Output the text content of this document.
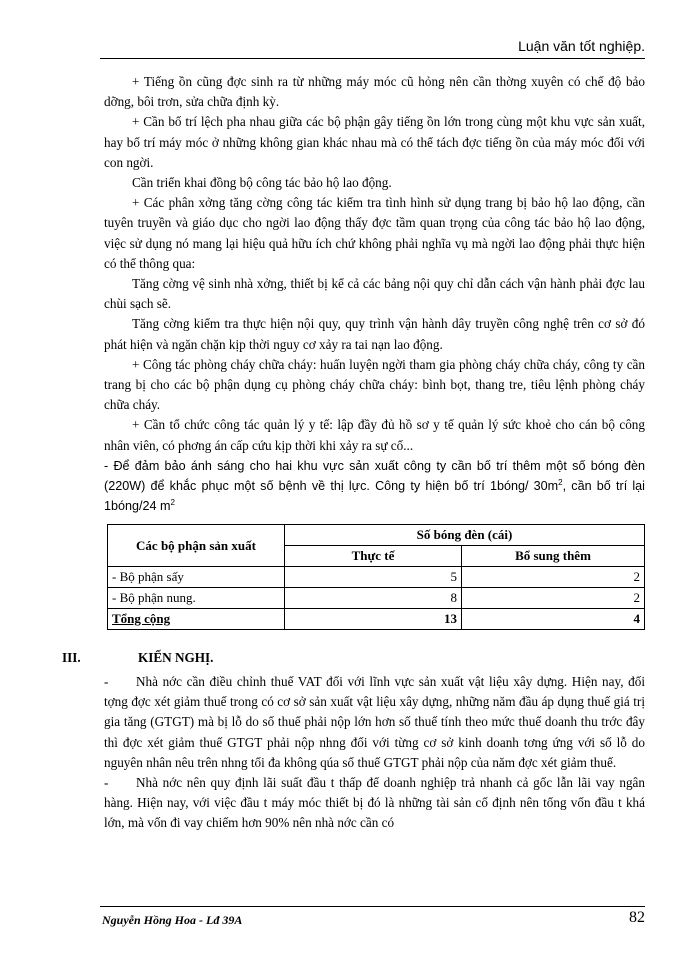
Luận văn tốt nghiệp.

+ Tiếng ồn cũng đợc sinh ra từ những máy móc cũ hỏng nên cần thờng xuyên có chế độ bảo dỡng, bôi trơn, sửa chữa định kỳ.

+ Cần bố trí lệch pha nhau giữa các bộ phận gây tiếng ồn lớn trong cùng một khu vực sản xuất, hay bố trí máy móc ở những không gian khác nhau mà có thể tách đợc tiếng ồn của máy móc đối với con ngời.

Cần triển khai đồng bộ công tác bảo hộ lao động.

+ Các phân xởng tăng cờng công tác kiểm tra tình hình sử dụng trang bị bảo hộ lao động, cần tuyên truyền và giáo dục cho ngời lao động thấy đợc tầm quan trọng của công tác bảo hộ lao động, việc sử dụng nó mang lại hiệu quả hữu ích chứ không phải nghĩa vụ mà ngời lao động phải thực hiện có thể thông qua:

Tăng cờng vệ sinh nhà xởng, thiết bị kể cả các bảng nội quy chỉ dẫn cách vận hành phải đợc lau chùi sạch sẽ.

Tăng cờng kiểm tra thực hiện nội quy, quy trình vận hành dây truyền công nghệ trên cơ sở đó phát hiện và ngăn chặn kịp thời nguy cơ xảy ra tai nạn lao động.

+ Công tác phòng cháy chữa cháy: huấn luyện ngời tham gia phòng cháy chữa cháy, công ty cần trang bị cho các bộ phận dụng cụ phòng cháy chữa cháy: bình bọt, thang tre, tiêu lệnh phòng cháy chữa cháy.

+ Cần tổ chức công tác quản lý y tế: lập đầy đủ hồ sơ y tế quản lý sức khoẻ cho cán bộ công nhân viên, có phơng án cấp cứu kịp thời khi xảy ra sự cố...

- Để đảm bảo ánh sáng cho hai khu vực sản xuất công ty cần bố trí thêm một số bóng đèn (220W) để khắc phục một số bệnh về thị lực. Công ty hiện bố trí 1bóng/ $30m^2$, cần bố trí lại 1bóng/24 $m^2$

Các bộ phận sản xuất	Số bóng đèn (cái)	
	Thực tế	Bổ sung thêm
- Bộ phận sấy	5	2
- Bộ phận nung.	8	2
Tổng cộng	13	4
III.	KIẾN NGHỊ.

- Nhà nớc cần điều chỉnh thuế VAT đối với lĩnh vực sản xuất vật liệu xây dựng. Hiện nay, đối tợng đợc xét giảm thuế trong có cơ sở sản xuất vật liệu xây dựng, những năm đầu áp dụng thuế giá trị gia tăng (GTGT) mà bị lỗ do số thuế phải nộp lớn hơn số thuế tính theo mức thuế doanh thu trớc đây thì đợc xét giảm thuế GTGT phải nộp nhng đối với từng cơ sở kinh doanh tơng ứng với số lỗ do nguyên nhân nêu trên nhng tối đa không qúa số thuế GTGT phải nộp của năm đợc xét giảm thuế.

- Nhà nớc nên quy định lãi suất đầu t thấp để doanh nghiệp trả nhanh cả gốc lẫn lãi vay ngân hàng. Hiện nay, với việc đầu t máy móc thiết bị đó là những tài sản cố định nên tổng vốn đầu t khá lớn, mà vốn đi vay chiếm hơn 90% nên nhà nớc cần có

Nguyễn Hồng Hoa - Lđ 39A	82
